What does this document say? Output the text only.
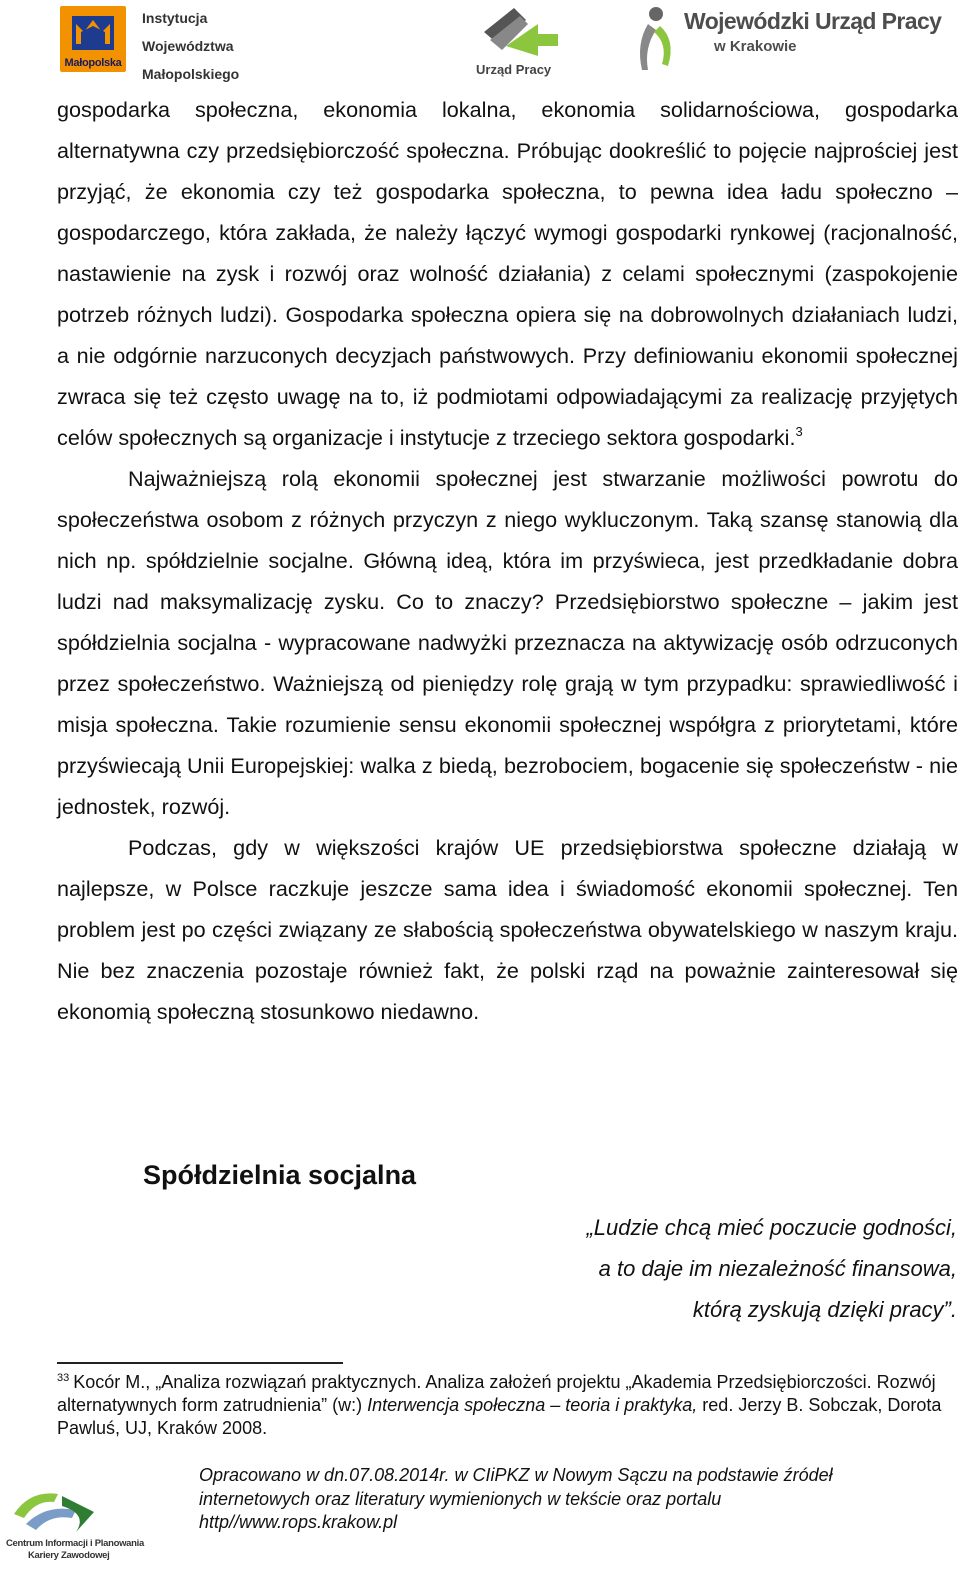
Małopolska
Instytucja
Województwa
Małopolskiego	Urząd Pracy
Wojewódzki Urząd Pracy
w Krakowie

gospodarka społeczna, ekonomia lokalna, ekonomia solidarnościowa, gospodarka alternatywna czy przedsiębiorczość społeczna. Próbując dookreślić to pojęcie najprościej jest przyjąć, że ekonomia czy też gospodarka społeczna, to pewna idea ładu społeczno – gospodarczego, która zakłada, że należy łączyć wymogi gospodarki rynkowej (racjonalność, nastawienie na zysk i rozwój oraz wolność działania) z celami społecznymi (zaspokojenie potrzeb różnych ludzi). Gospodarka społeczna opiera się na dobrowolnych działaniach ludzi, a nie odgórnie narzuconych decyzjach państwowych. Przy definiowaniu ekonomii społecznej zwraca się też często uwagę na to, iż podmiotami odpowiadającymi za realizację przyjętych celów społecznych są organizacje i instytucje z trzeciego sektora gospodarki.$^3$

Najważniejszą rolą ekonomii społecznej jest stwarzanie możliwości powrotu do społeczeństwa osobom z różnych przyczyn z niego wykluczonym. Taką szansę stanowią dla nich np. spółdzielnie socjalne. Główną ideą, która im przyświeca, jest przedkładanie dobra ludzi nad maksymalizację zysku. Co to znaczy? Przedsiębiorstwo społeczne – jakim jest spółdzielnia socjalna - wypracowane nadwyżki przeznacza na aktywizację osób odrzuconych przez społeczeństwo. Ważniejszą od pieniędzy rolę grają w tym przypadku: sprawiedliwość i misja społeczna. Takie rozumienie sensu ekonomii społecznej współgra z priorytetami, które przyświecają Unii Europejskiej: walka z biedą, bezrobociem, bogacenie się społeczeństw - nie jednostek, rozwój.

Podczas, gdy w większości krajów UE przedsiębiorstwa społeczne działają w najlepsze, w Polsce raczkuje jeszcze sama idea i świadomość ekonomii społecznej. Ten problem jest po części związany ze słabością społeczeństwa obywatelskiego w naszym kraju. Nie bez znaczenia pozostaje również fakt, że polski rząd na poważnie zainteresował się ekonomią społeczną stosunkowo niedawno.

Spółdzielnia socjalna
„Ludzie chcą mieć poczucie godności,
a to daje im niezależność finansowa,
którą zyskują dzięki pracy”.
$^{33}$ Kocór M., „Analiza rozwiązań praktycznych. Analiza założeń projektu „Akademia Przedsiębiorczości. Rozwój alternatywnych form zatrudnienia” (w:) Interwencja społeczna – teoria i praktyka, red. Jerzy B. Sobczak, Dorota Pawluś, UJ, Kraków 2008.
Opracowano w dn.07.08.2014r. w CIiPKZ w Nowym Sączu na podstawie źródeł
internetowych oraz literatury wymienionych w tekście oraz portalu
http//www.rops.krakow.pl
Centrum Informacji i Planowania
Kariery Zawodowej
